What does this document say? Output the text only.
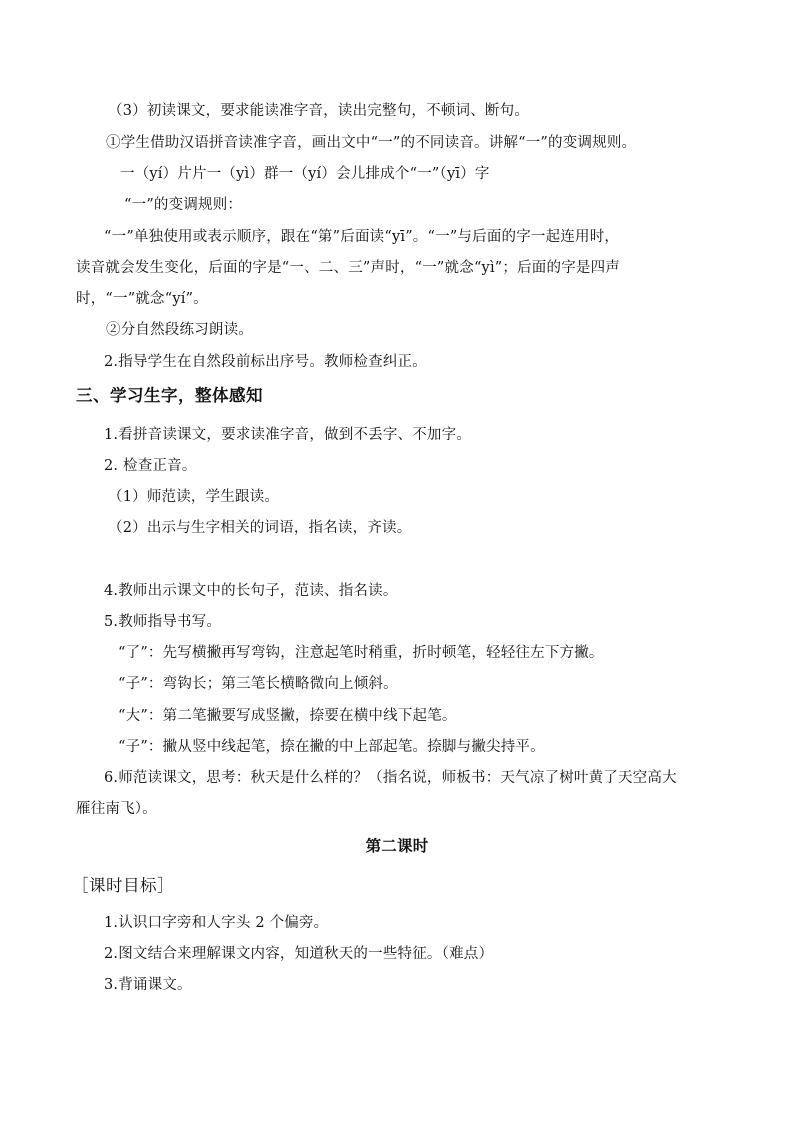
（3）初读课文，要求能读准字音，读出完整句，不顿词、断句。
①学生借助汉语拼音读准字音，画出文中“一”的不同读音。讲解“一”的变调规则。
一（yí）片片一（yì）群一（yí）会儿排成个“一”（yī）字
“一”的变调规则：
“一”单独使用或表示顺序，跟在“第”后面读“yī”。“一”与后面的字一起连用时，
读音就会发生变化，后面的字是“一、二、三”声时，“一”就念“yì”；后面的字是四声
时，“一”就念“yí”。
②分自然段练习朗读。
2.指导学生在自然段前标出序号。教师检查纠正。
三、学习生字，整体感知
1.看拼音读课文，要求读准字音，做到不丢字、不加字。
2. 检查正音。
（1）师范读，学生跟读。
（2）出示与生字相关的词语，指名读，齐读。
4.教师出示课文中的长句子，范读、指名读。
5.教师指导书写。
“了”：先写横撇再写弯钩，注意起笔时稍重，折时顿笔，轻轻往左下方撇。
“子”：弯钩长；第三笔长横略微向上倾斜。
“大”：第二笔撇要写成竖撇，捺要在横中线下起笔。
“子”：撇从竖中线起笔，捺在撇的中上部起笔。捺脚与撇尖持平。
6.师范读课文，思考：秋天是什么样的？（指名说，师板书：天气凉了树叶黄了天空高大
雁往南飞）。
第二课时
［课时目标］
1.认识口字旁和人字头 2 个偏旁。
2.图文结合来理解课文内容，知道秋天的一些特征。（难点）
3.背诵课文。
